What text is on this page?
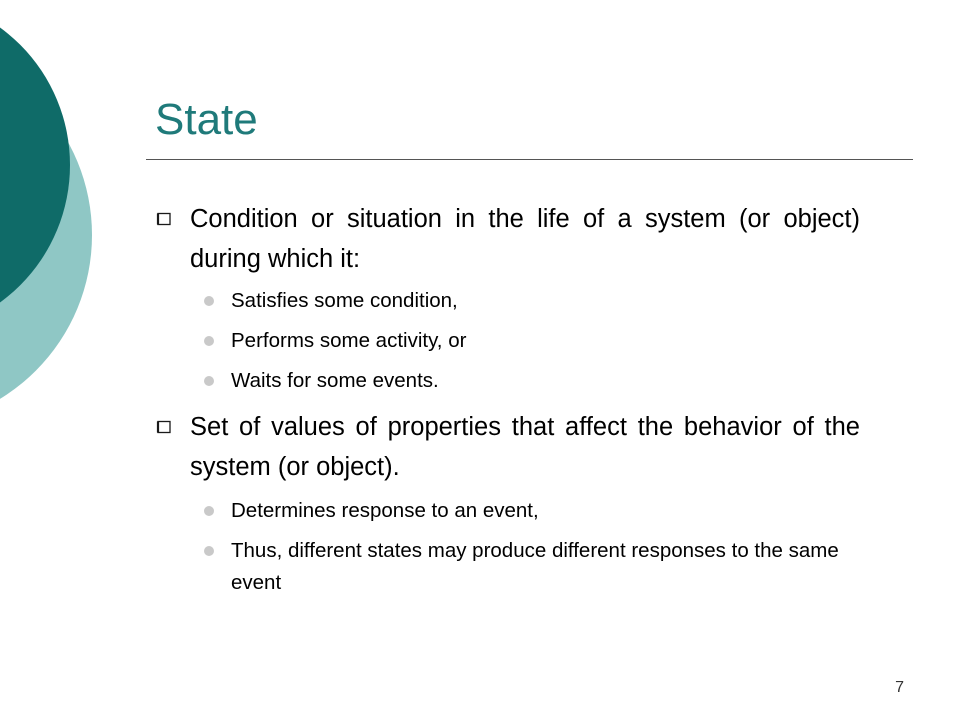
State
Condition or situation in the life of a system (or object) during which it:
Satisfies some condition,
Performs some activity, or
Waits for some events.
Set of values of properties that affect the behavior of the system (or object).
Determines response to an event,
Thus, different states may produce different responses to the same event
7
